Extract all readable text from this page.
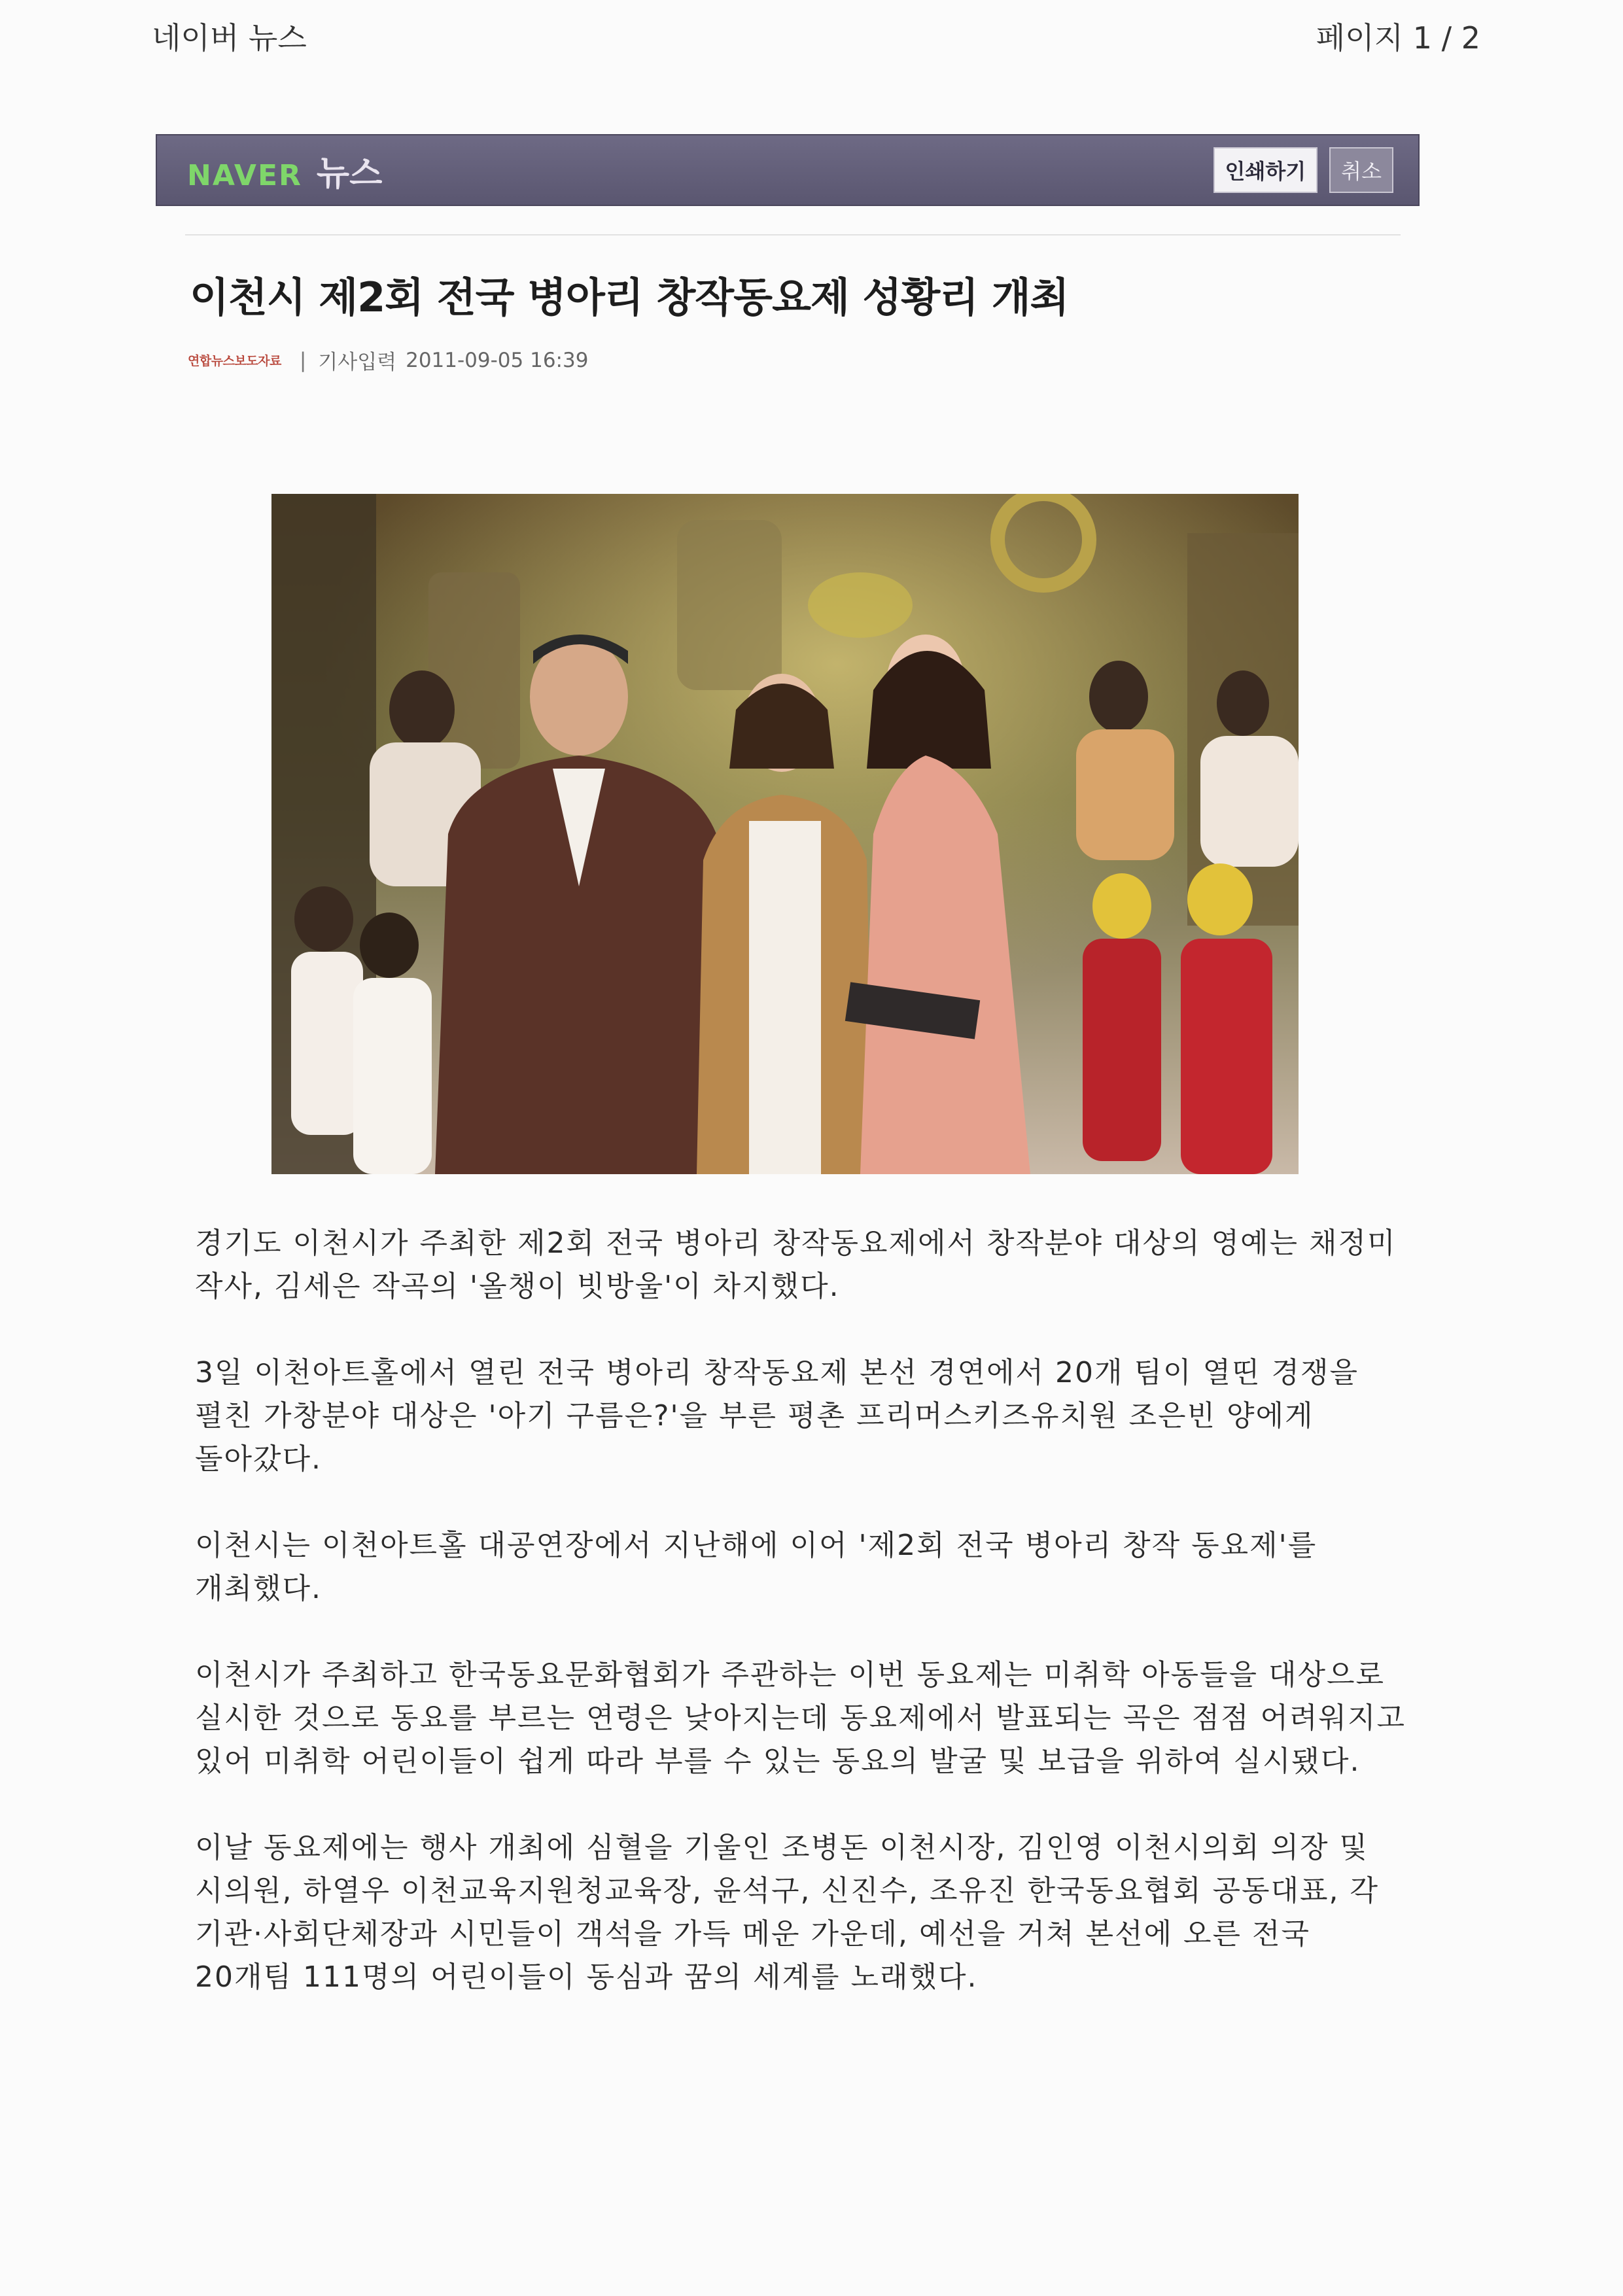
네이버 뉴스	페이지 1 / 2
NAVER 뉴스	인쇄하기	취소
이천시 제2회 전국 병아리 창작동요제 성황리 개최
연합뉴스보도자료 | 기사입력 2011-09-05 16:39

경기도 이천시가 주최한 제2회 전국 병아리 창작동요제에서 창작분야 대상의 영예는 채정미 작사, 김세은 작곡의 '올챙이 빗방울'이 차지했다.

3일 이천아트홀에서 열린 전국 병아리 창작동요제 본선 경연에서 20개 팀이 열띤 경쟁을 펼친 가창분야 대상은 '아기 구름은?'을 부른 평촌 프리머스키즈유치원 조은빈 양에게 돌아갔다.

이천시는 이천아트홀 대공연장에서 지난해에 이어 '제2회 전국 병아리 창작 동요제'를 개최했다.

이천시가 주최하고 한국동요문화협회가 주관하는 이번 동요제는 미취학 아동들을 대상으로 실시한 것으로 동요를 부르는 연령은 낮아지는데 동요제에서 발표되는 곡은 점점 어려워지고 있어 미취학 어린이들이 쉽게 따라 부를 수 있는 동요의 발굴 및 보급을 위하여 실시됐다.

이날 동요제에는 행사 개최에 심혈을 기울인 조병돈 이천시장, 김인영 이천시의회 의장 및 시의원, 하열우 이천교육지원청교육장, 윤석구, 신진수, 조유진 한국동요협회 공동대표, 각 기관·사회단체장과 시민들이 객석을 가득 메운 가운데, 예선을 거쳐 본선에 오른 전국 20개팀 111명의 어린이들이 동심과 꿈의 세계를 노래했다.
